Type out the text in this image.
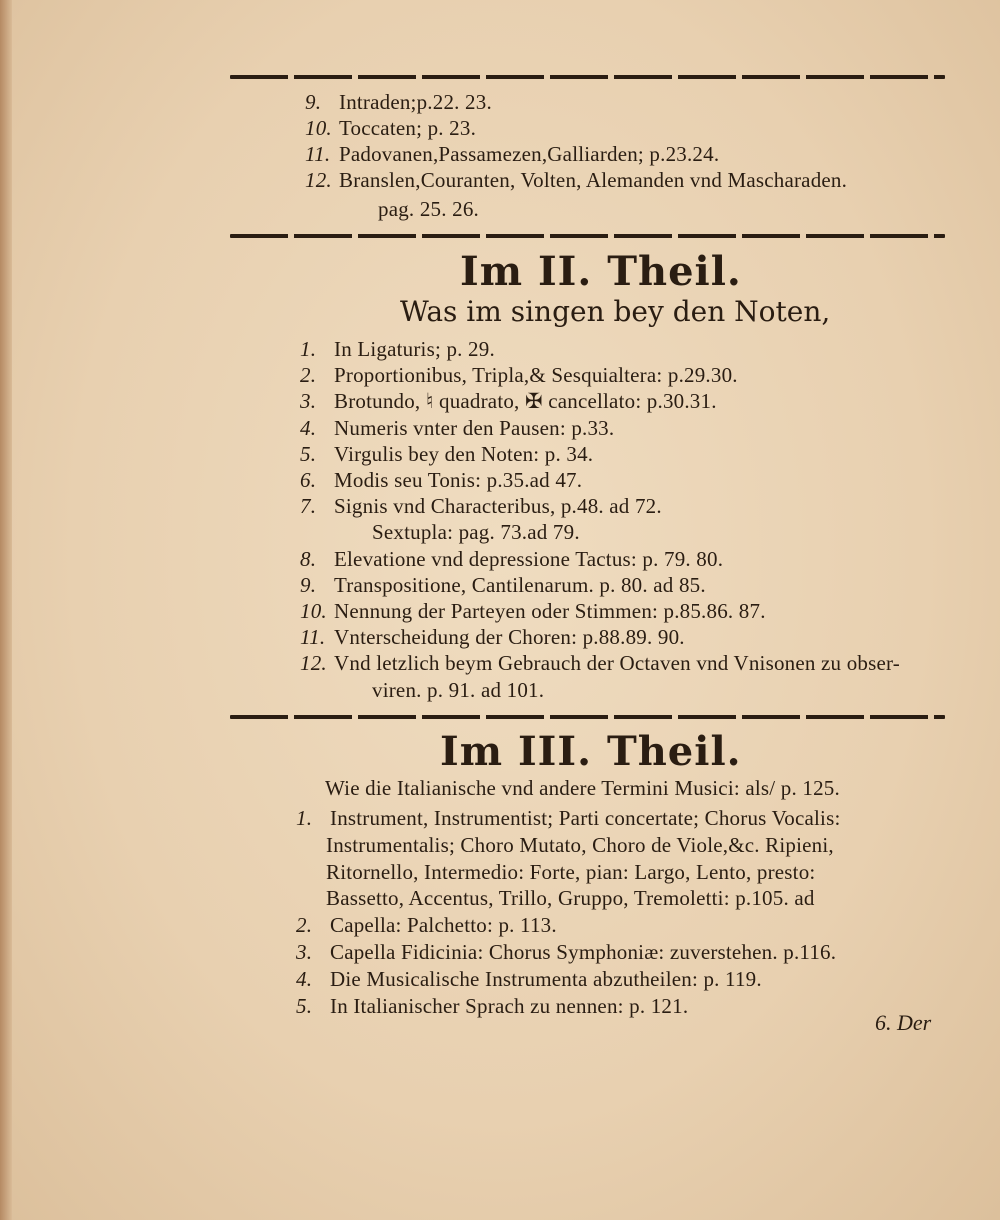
9. Intraden;p.22. 23.
10. Toccaten; p. 23.
11. Padovanen,Passamezen,Galliarden; p.23.24.
12. Branslen,Couranten, Volten, Alemanden vnd Mascharaden.
pag. 25. 26.
Im II. Theil.
Was im singen bey den Noten,
1. In Ligaturis; p. 29.
2. Proportionibus, Tripla,& Sesquialtera: p.29.30.
3. Brotundo, ♮ quadrato, ✠ cancellato: p.30.31.
4. Numeris vnter den Pausen: p.33.
5. Virgulis bey den Noten: p. 34.
6. Modis seu Tonis: p.35.ad 47.
7. Signis vnd Characteribus, p.48. ad 72.
Sextupla: pag. 73.ad 79.
8. Elevatione vnd depressione Tactus: p. 79. 80.
9. Transpositione, Cantilenarum. p. 80. ad 85.
10. Nennung der Parteyen oder Stimmen: p.85.86. 87.
11. Vnterscheidung der Choren: p.88.89. 90.
12. Vnd letzlich beym Gebrauch der Octaven vnd Vnisonen zu obser-
viren. p. 91. ad 101.
Im III. Theil.
Wie die Italianische vnd andere Termini Musici: als/ p. 125.
1. Instrument, Instrumentist; Parti concertate; Chorus Vocalis:
Instrumentalis; Choro Mutato, Choro de Viole,&c. Ripieni,
Ritornello, Intermedio: Forte, pian: Largo, Lento, presto:
Bassetto, Accentus, Trillo, Gruppo, Tremoletti: p.105. ad
2. Capella: Palchetto: p. 113.
3. Capella Fidicinia: Chorus Symphoniæ: zuverstehen. p.116.
4. Die Musicalische Instrumenta abzutheilen: p. 119.
5. In Italianischer Sprach zu nennen: p. 121.
6. Der
